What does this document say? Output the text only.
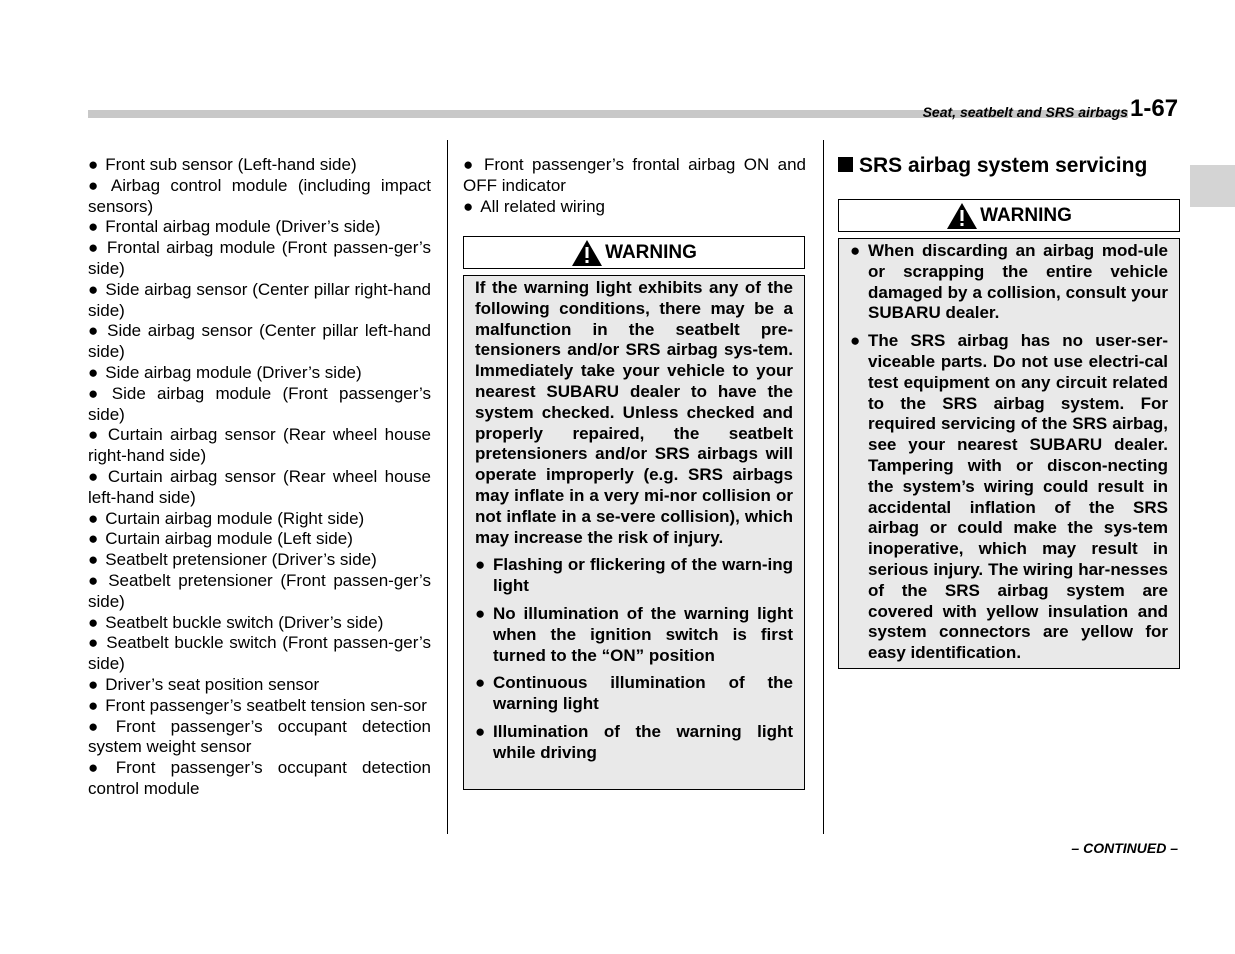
Seat, seatbelt and SRS airbags 1-67
● Front sub sensor (Left-hand side)
● Airbag control module (including impact sensors)
● Frontal airbag module (Driver’s side)
● Frontal airbag module (Front passen-ger’s side)
● Side airbag sensor (Center pillar right-hand side)
● Side airbag sensor (Center pillar left-hand side)
● Side airbag module (Driver’s side)
● Side airbag module (Front passenger’s side)
● Curtain airbag sensor (Rear wheel house right-hand side)
● Curtain airbag sensor (Rear wheel house left-hand side)
● Curtain airbag module (Right side)
● Curtain airbag module (Left side)
● Seatbelt pretensioner (Driver’s side)
● Seatbelt pretensioner (Front passen-ger’s side)
● Seatbelt buckle switch (Driver’s side)
● Seatbelt buckle switch (Front passen-ger’s side)
● Driver’s seat position sensor
● Front passenger’s seatbelt tension sen-sor
● Front passenger’s occupant detection system weight sensor
● Front passenger’s occupant detection control module
● Front passenger’s frontal airbag ON and OFF indicator
● All related wiring
WARNING

If the warning light exhibits any of the following conditions, there may be a malfunction in the seatbelt pre-tensioners and/or SRS airbag sys-tem. Immediately take your vehicle to your nearest SUBARU dealer to have the system checked. Unless checked and properly repaired, the seatbelt pretensioners and/or SRS airbags will operate improperly (e.g. SRS airbags may inflate in a very mi-nor collision or not inflate in a se-vere collision), which may increase the risk of injury.

● Flashing or flickering of the warn-ing light
● No illumination of the warning light when the ignition switch is first turned to the “ON” position
● Continuous illumination of the warning light
● Illumination of the warning light while driving
SRS airbag system servicing
WARNING
● When discarding an airbag mod-ule or scrapping the entire vehicle damaged by a collision, consult your SUBARU dealer.
● The SRS airbag has no user-ser-viceable parts. Do not use electri-cal test equipment on any circuit related to the SRS airbag system. For required servicing of the SRS airbag, see your nearest SUBARU dealer. Tampering with or discon-necting the system’s wiring could result in accidental inflation of the SRS airbag or could make the sys-tem inoperative, which may result in serious injury. The wiring har-nesses of the SRS airbag system are covered with yellow insulation and system connectors are yellow for easy identification.
– CONTINUED –
